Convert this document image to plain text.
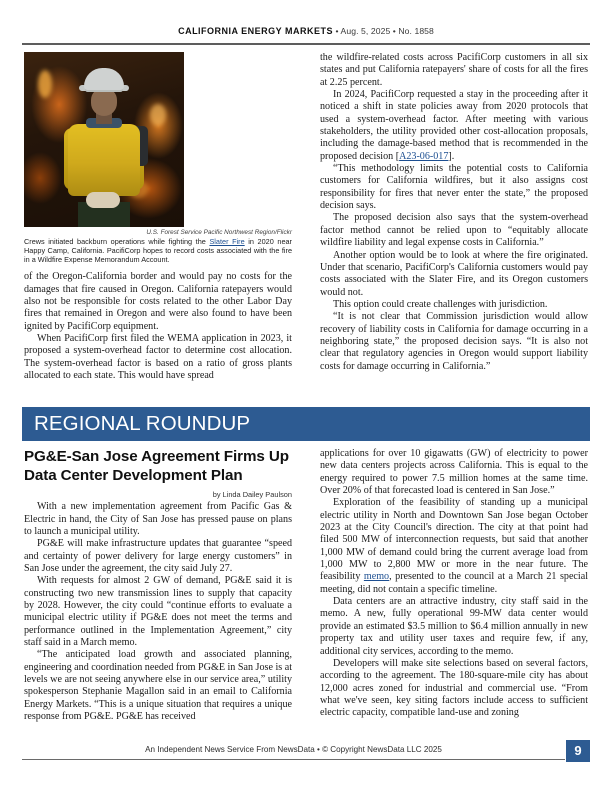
CALIFORNIA ENERGY MARKETS • Aug. 5, 2025 • No. 1858
U.S. Forest Service Pacific Northwest Region/Flickr
Crews initiated backburn operations while fighting the Slater Fire in 2020 near Happy Camp, California. PacifiCorp hopes to record costs associated with the fire in a Wildfire Expense Memorandum Account.

of the Oregon-California border and would pay no costs for the damages that fire caused in Oregon. California ratepayers would also not be responsible for costs related to the other Labor Day fires that remained in Oregon and were also found to have been ignited by PacifiCorp equipment.

When PacifiCorp first filed the WEMA application in 2023, it proposed a system-overhead factor to determine cost allocation. The system-overhead factor is based on a ratio of gross plants allocated to each state. This would have spread

the wildfire-related costs across PacifiCorp customers in all six states and put California ratepayers' share of costs for all the fires at 2.25 percent.

In 2024, PacifiCorp requested a stay in the proceeding after it noticed a shift in state policies away from 2020 protocols that used a system-overhead factor. After meeting with various stakeholders, the utility provided other cost-allocation proposals, including the damage-based method that is recommended in the proposed decision [A23-06-017].

“This methodology limits the potential costs to California customers for California wildfires, but it also assigns cost responsibility for fires that never enter the state,” the proposed decision says.

The proposed decision also says that the system-overhead factor method cannot be relied upon to “equitably allocate wildfire liability and legal expense costs in California.”

Another option would be to look at where the fire originated. Under that scenario, PacifiCorp's California customers would pay costs associated with the Slater Fire, and its Oregon customers would not.

This option could create challenges with jurisdiction.

“It is not clear that Commission jurisdiction would allow recovery of liability costs in California for damage occurring in a neighboring state,” the proposed decision says. “It is also not clear that regulatory agencies in Oregon would support liability costs for damage occurring in California.”

REGIONAL ROUNDUP
PG&E-San Jose Agreement Firms Up Data Center Development Plan
by Linda Dailey Paulson

With a new implementation agreement from Pacific Gas & Electric in hand, the City of San Jose has pressed pause on plans to launch a municipal utility.

PG&E will make infrastructure updates that guarantee “speed and certainty of power delivery for large energy customers” in San Jose under the agreement, the city said July 27.

With requests for almost 2 GW of demand, PG&E said it is constructing two new transmission lines to supply that capacity by 2028. However, the city could “continue efforts to evaluate a municipal electric utility if PG&E does not meet the terms and performance outlined in the Implementation Agreement,” city staff said in a March memo.

“The anticipated load growth and associated planning, engineering and coordination needed from PG&E in San Jose is at levels we are not seeing anywhere else in our service area,” utility spokesperson Stephanie Magallon said in an email to California Energy Markets. “This is a unique situation that requires a unique response from PG&E. PG&E has received

applications for over 10 gigawatts (GW) of electricity to power new data centers projects across California. This is equal to the energy required to power 7.5 million homes at the same time. Over 20% of that forecasted load is centered in San Jose.”

Exploration of the feasibility of standing up a municipal electric utility in North and Downtown San Jose began October 2023 at the City Council's direction. The city at that point had filed 500 MW of interconnection requests, but said that another 1,000 MW of demand could bring the current average load from 1,000 MW to 2,800 MW or more in the near future. The feasibility memo, presented to the council at a March 21 special meeting, did not contain a specific timeline.

Data centers are an attractive industry, city staff said in the memo. A new, fully operational 99-MW data center would provide an estimated $3.5 million to $6.4 million annually in new property tax and utility user taxes and require few, if any, additional city services, according to the memo.

Developers will make site selections based on several factors, according to the agreement. The 180-square-mile city has about 12,000 acres zoned for industrial and commercial use. “From what we've seen, key siting factors include access to sufficient electric capacity, compatible land-use and zoning

An Independent News Service From NewsData • © Copyright NewsData LLC 2025	9
